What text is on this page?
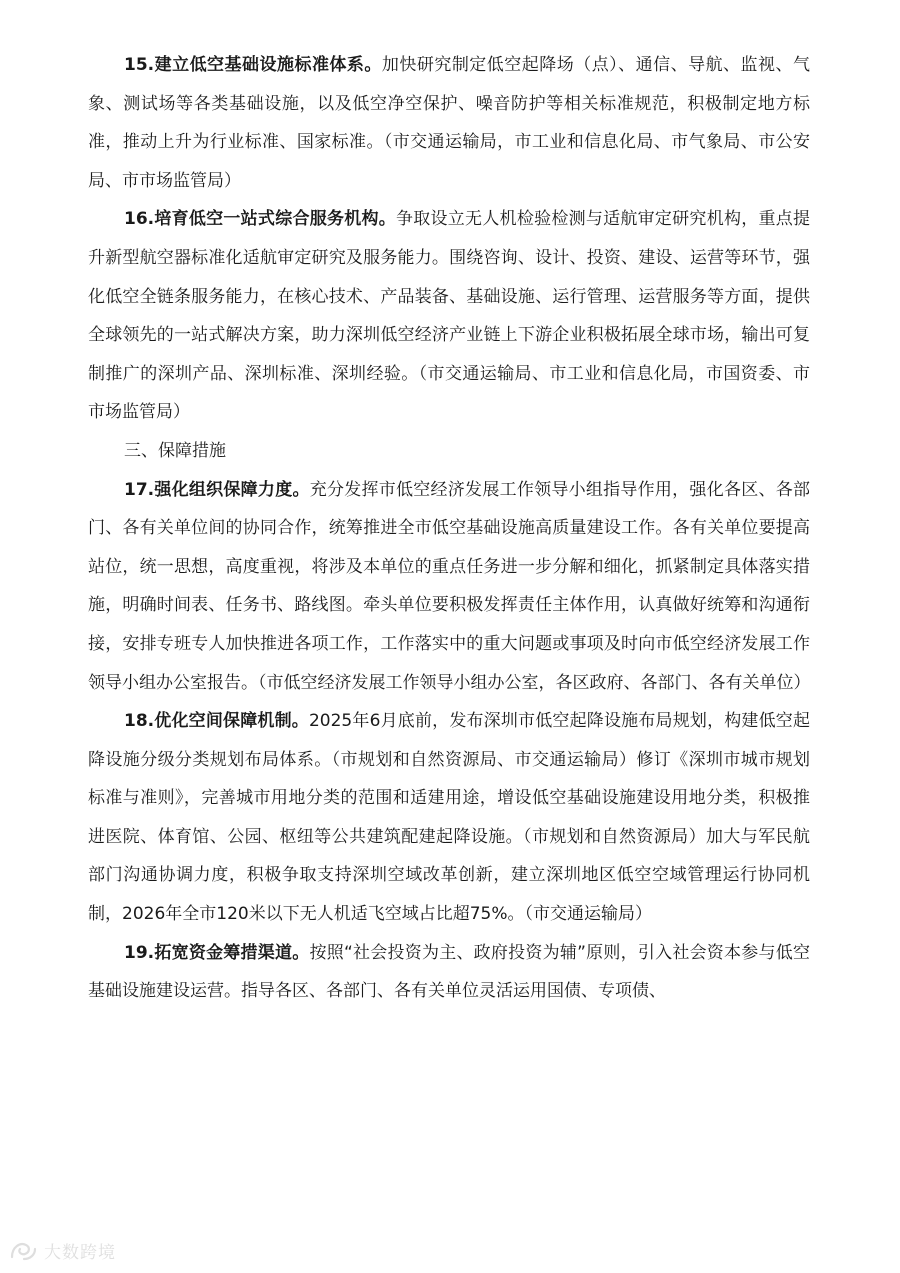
15.建立低空基础设施标准体系。加快研究制定低空起降场（点）、通信、导航、监视、气象、测试场等各类基础设施，以及低空净空保护、噪音防护等相关标准规范，积极制定地方标准，推动上升为行业标准、国家标准。（市交通运输局，市工业和信息化局、市气象局、市公安局、市市场监管局）

16.培育低空一站式综合服务机构。争取设立无人机检验检测与适航审定研究机构，重点提升新型航空器标准化适航审定研究及服务能力。围绕咨询、设计、投资、建设、运营等环节，强化低空全链条服务能力，在核心技术、产品装备、基础设施、运行管理、运营服务等方面，提供全球领先的一站式解决方案，助力深圳低空经济产业链上下游企业积极拓展全球市场，输出可复制推广的深圳产品、深圳标准、深圳经验。（市交通运输局、市工业和信息化局，市国资委、市市场监管局）

三、保障措施

17.强化组织保障力度。充分发挥市低空经济发展工作领导小组指导作用，强化各区、各部门、各有关单位间的协同合作，统筹推进全市低空基础设施高质量建设工作。各有关单位要提高站位，统一思想，高度重视，将涉及本单位的重点任务进一步分解和细化，抓紧制定具体落实措施，明确时间表、任务书、路线图。牵头单位要积极发挥责任主体作用，认真做好统筹和沟通衔接，安排专班专人加快推进各项工作，工作落实中的重大问题或事项及时向市低空经济发展工作领导小组办公室报告。（市低空经济发展工作领导小组办公室，各区政府、各部门、各有关单位）

18.优化空间保障机制。2025年6月底前，发布深圳市低空起降设施布局规划，构建低空起降设施分级分类规划布局体系。（市规划和自然资源局、市交通运输局）修订《深圳市城市规划标准与准则》，完善城市用地分类的范围和适建用途，增设低空基础设施建设用地分类，积极推进医院、体育馆、公园、枢纽等公共建筑配建起降设施。（市规划和自然资源局）加大与军民航部门沟通协调力度，积极争取支持深圳空域改革创新，建立深圳地区低空空域管理运行协同机制，2026年全市120米以下无人机适飞空域占比超75%。（市交通运输局）

19.拓宽资金筹措渠道。按照“社会投资为主、政府投资为辅”原则，引入社会资本参与低空基础设施建设运营。指导各区、各部门、各有关单位灵活运用国债、专项债、

大数跨境
